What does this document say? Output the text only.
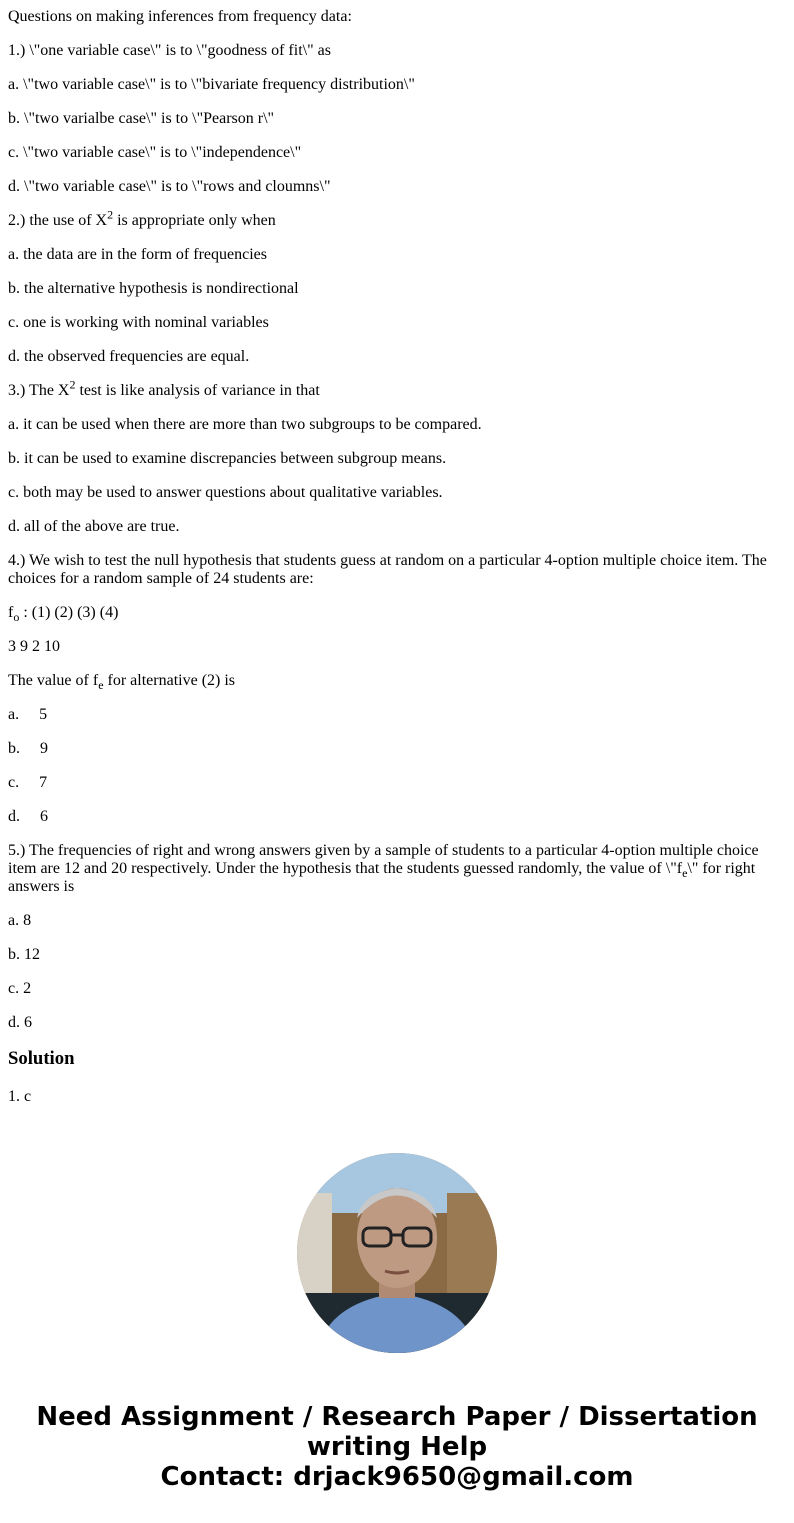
Questions on making inferences from frequency data:

1.) \"one variable case\" is to \"goodness of fit\" as

a. \"two variable case\" is to \"bivariate frequency distribution\"

b. \"two varialbe case\" is to \"Pearson r\"

c. \"two variable case\" is to \"independence\"

d. \"two variable case\" is to \"rows and cloumns\"

2.) the use of $X^2$ is appropriate only when

a. the data are in the form of frequencies

b. the alternative hypothesis is nondirectional

c. one is working with nominal variables

d. the observed frequencies are equal.

3.) The $X^2$ test is like analysis of variance in that

a. it can be used when there are more than two subgroups to be compared.

b. it can be used to examine discrepancies between subgroup means.

c. both may be used to answer questions about qualitative variables.

d. all of the above are true.

4.) We wish to test the null hypothesis that students guess at random on a particular 4-option multiple choice item. The choices for a random sample of 24 students are:

$f_o$ : (1) (2) (3) (4)

3 9 2 10

The value of $f_e$ for alternative (2) is

a.     5

b.     9

c.     7

d.     6

5.) The frequencies of right and wrong answers given by a sample of students to a particular 4-option multiple choice item are 12 and 20 respectively. Under the hypothesis that the students guessed randomly, the value of $\backslash"f_e\backslash$" for right answers is

a. 8

b. 12

c. 2

d. 6

Solution

1. c

Need Assignment / Research Paper / Dissertation writing Help
Contact: drjack9650@gmail.com
